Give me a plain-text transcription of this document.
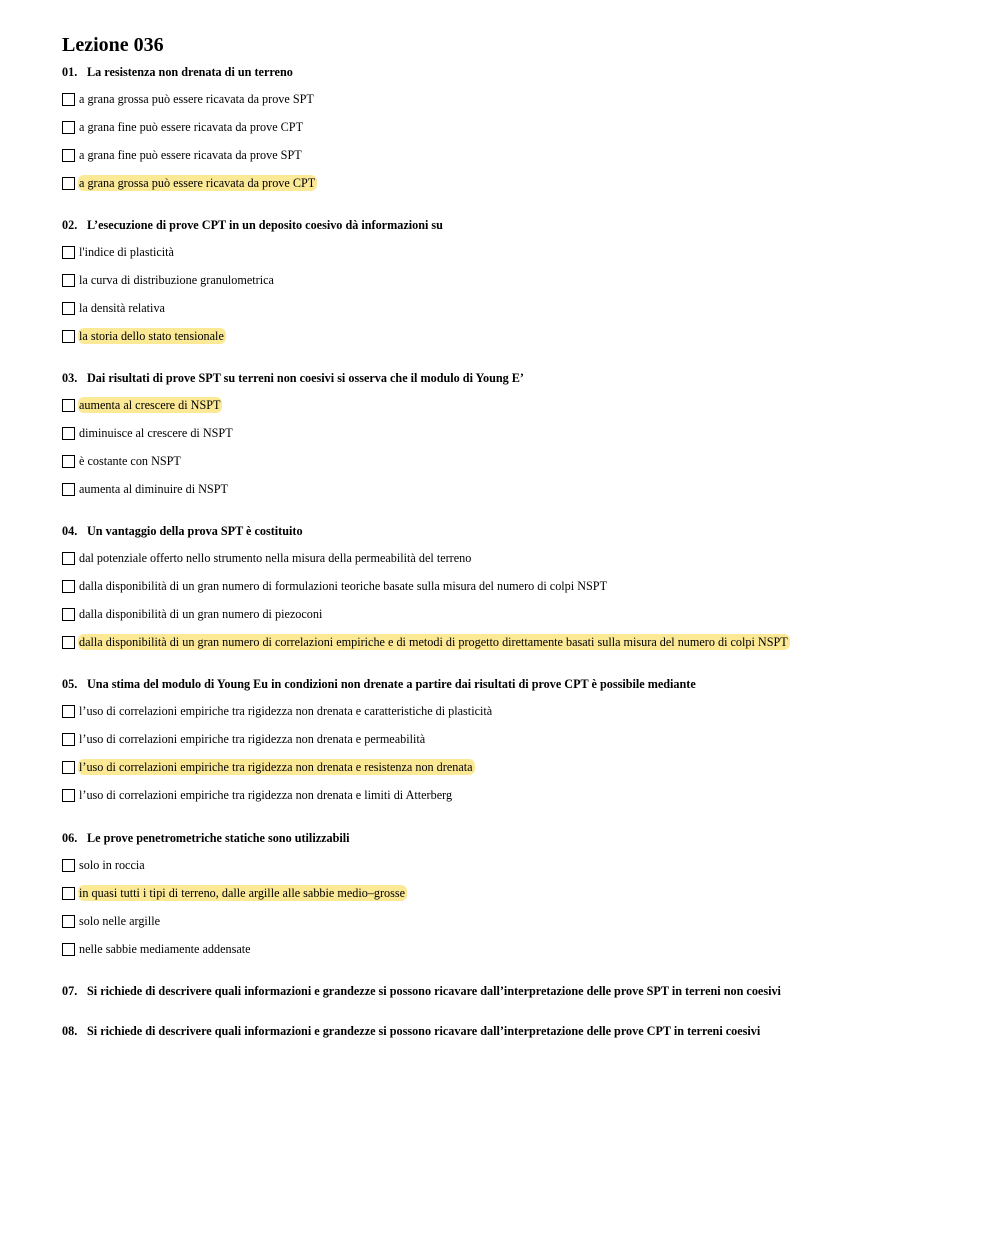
Lezione 036
01. La resistenza non drenata di un terreno
a grana grossa può essere ricavata da prove SPT
a grana fine può essere ricavata da prove CPT
a grana fine può essere ricavata da prove SPT
a grana grossa può essere ricavata da prove CPT
02. L’esecuzione di prove CPT in un deposito coesivo dà informazioni su
l'indice di plasticità
la curva di distribuzione granulometrica
la densità relativa
la storia dello stato tensionale
03. Dai risultati di prove SPT su terreni non coesivi si osserva che il modulo di Young E’
aumenta al crescere di NSPT
diminuisce al crescere di NSPT
è costante con NSPT
aumenta al diminuire di NSPT
04. Un vantaggio della prova SPT è costituito
dal potenziale offerto nello strumento nella misura della permeabilità del terreno
dalla disponibilità di un gran numero di formulazioni teoriche basate sulla misura del numero di colpi NSPT
dalla disponibilità di un gran numero di piezoconi
dalla disponibilità di un gran numero di correlazioni empiriche e di metodi di progetto direttamente basati sulla misura del numero di colpi NSPT
05. Una stima del modulo di Young Eu in condizioni non drenate a partire dai risultati di prove CPT è possibile mediante
l’uso di correlazioni empiriche tra rigidezza non drenata e caratteristiche di plasticità
l’uso di correlazioni empiriche tra rigidezza non drenata e permeabilità
l’uso di correlazioni empiriche tra rigidezza non drenata e resistenza non drenata
l’uso di correlazioni empiriche tra rigidezza non drenata e limiti di Atterberg
06. Le prove penetrometriche statiche sono utilizzabili
solo in roccia
in quasi tutti i tipi di terreno, dalle argille alle sabbie medio–grosse
solo nelle argille
nelle sabbie mediamente addensate
07. Si richiede di descrivere quali informazioni e grandezze si possono ricavare dall’interpretazione delle prove SPT in terreni non coesivi
08. Si richiede di descrivere quali informazioni e grandezze si possono ricavare dall’interpretazione delle prove CPT in terreni coesivi
